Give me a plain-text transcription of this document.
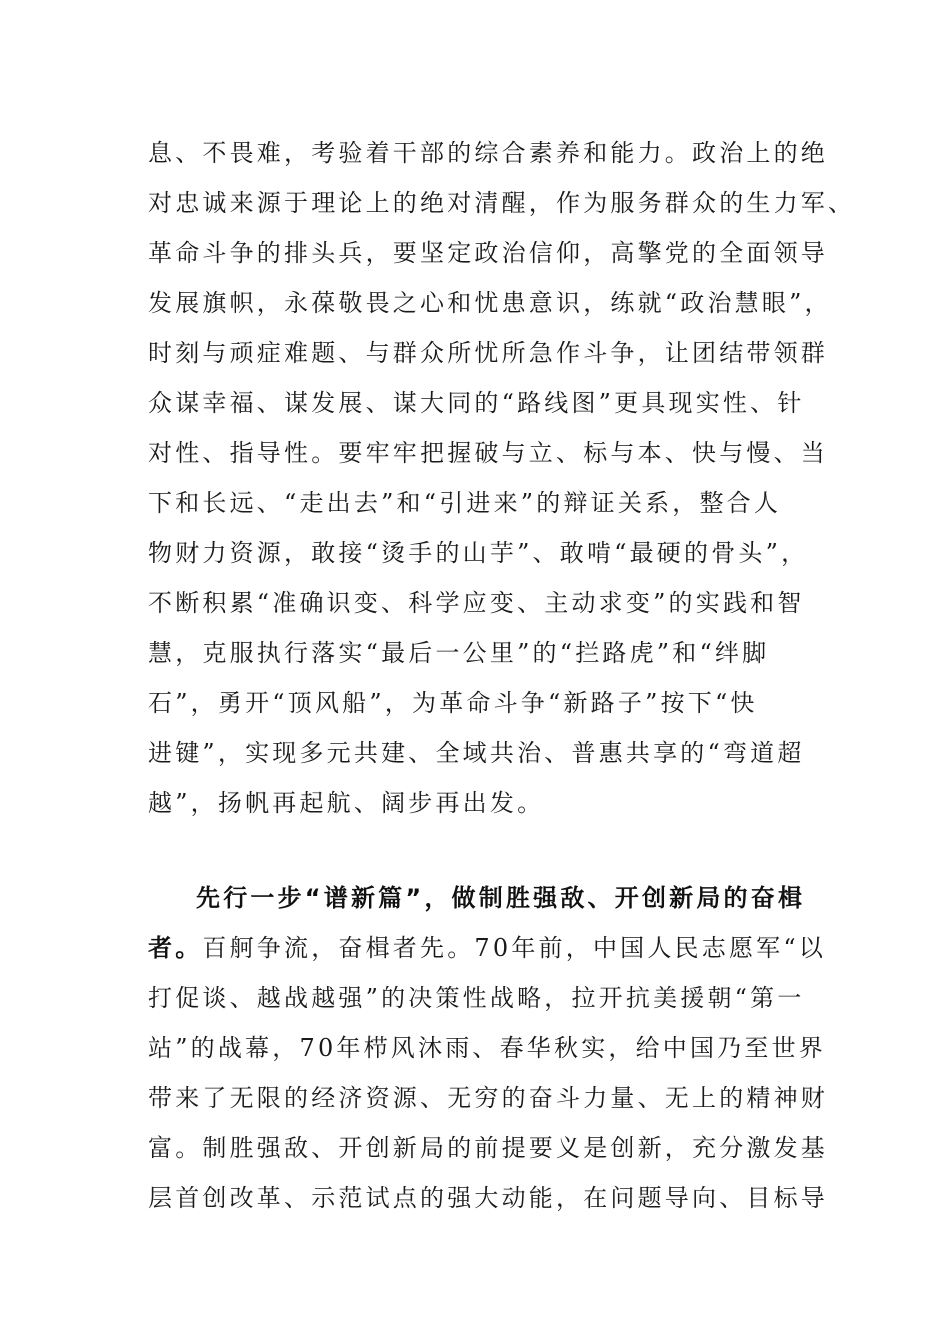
息、不畏难，考验着干部的综合素养和能力。政治上的绝
对忠诚来源于理论上的绝对清醒，作为服务群众的生力军、
革命斗争的排头兵，要坚定政治信仰，高擎党的全面领导
发展旗帜，永葆敬畏之心和忧患意识，练就“政治慧眼”，
时刻与顽症难题、与群众所忧所急作斗争，让团结带领群
众谋幸福、谋发展、谋大同的“路线图”更具现实性、针
对性、指导性。要牢牢把握破与立、标与本、快与慢、当
下和长远、“走出去”和“引进来”的辩证关系，整合人
物财力资源，敢接“烫手的山芋”、敢啃“最硬的骨头”，
不断积累“准确识变、科学应变、主动求变”的实践和智
慧，克服执行落实“最后一公里”的“拦路虎”和“绊脚
石”，勇开“顶风船”，为革命斗争“新路子”按下“快
进键”，实现多元共建、全域共治、普惠共享的“弯道超
越”，扬帆再起航、阔步再出发。
先行一步“谱新篇”，做制胜强敌、开创新局的奋楫
者。百舸争流，奋楫者先。70年前，中国人民志愿军“以
打促谈、越战越强”的决策性战略，拉开抗美援朝“第一
站”的战幕，70年栉风沐雨、春华秋实，给中国乃至世界
带来了无限的经济资源、无穷的奋斗力量、无上的精神财
富。制胜强敌、开创新局的前提要义是创新，充分激发基
层首创改革、示范试点的强大动能，在问题导向、目标导
